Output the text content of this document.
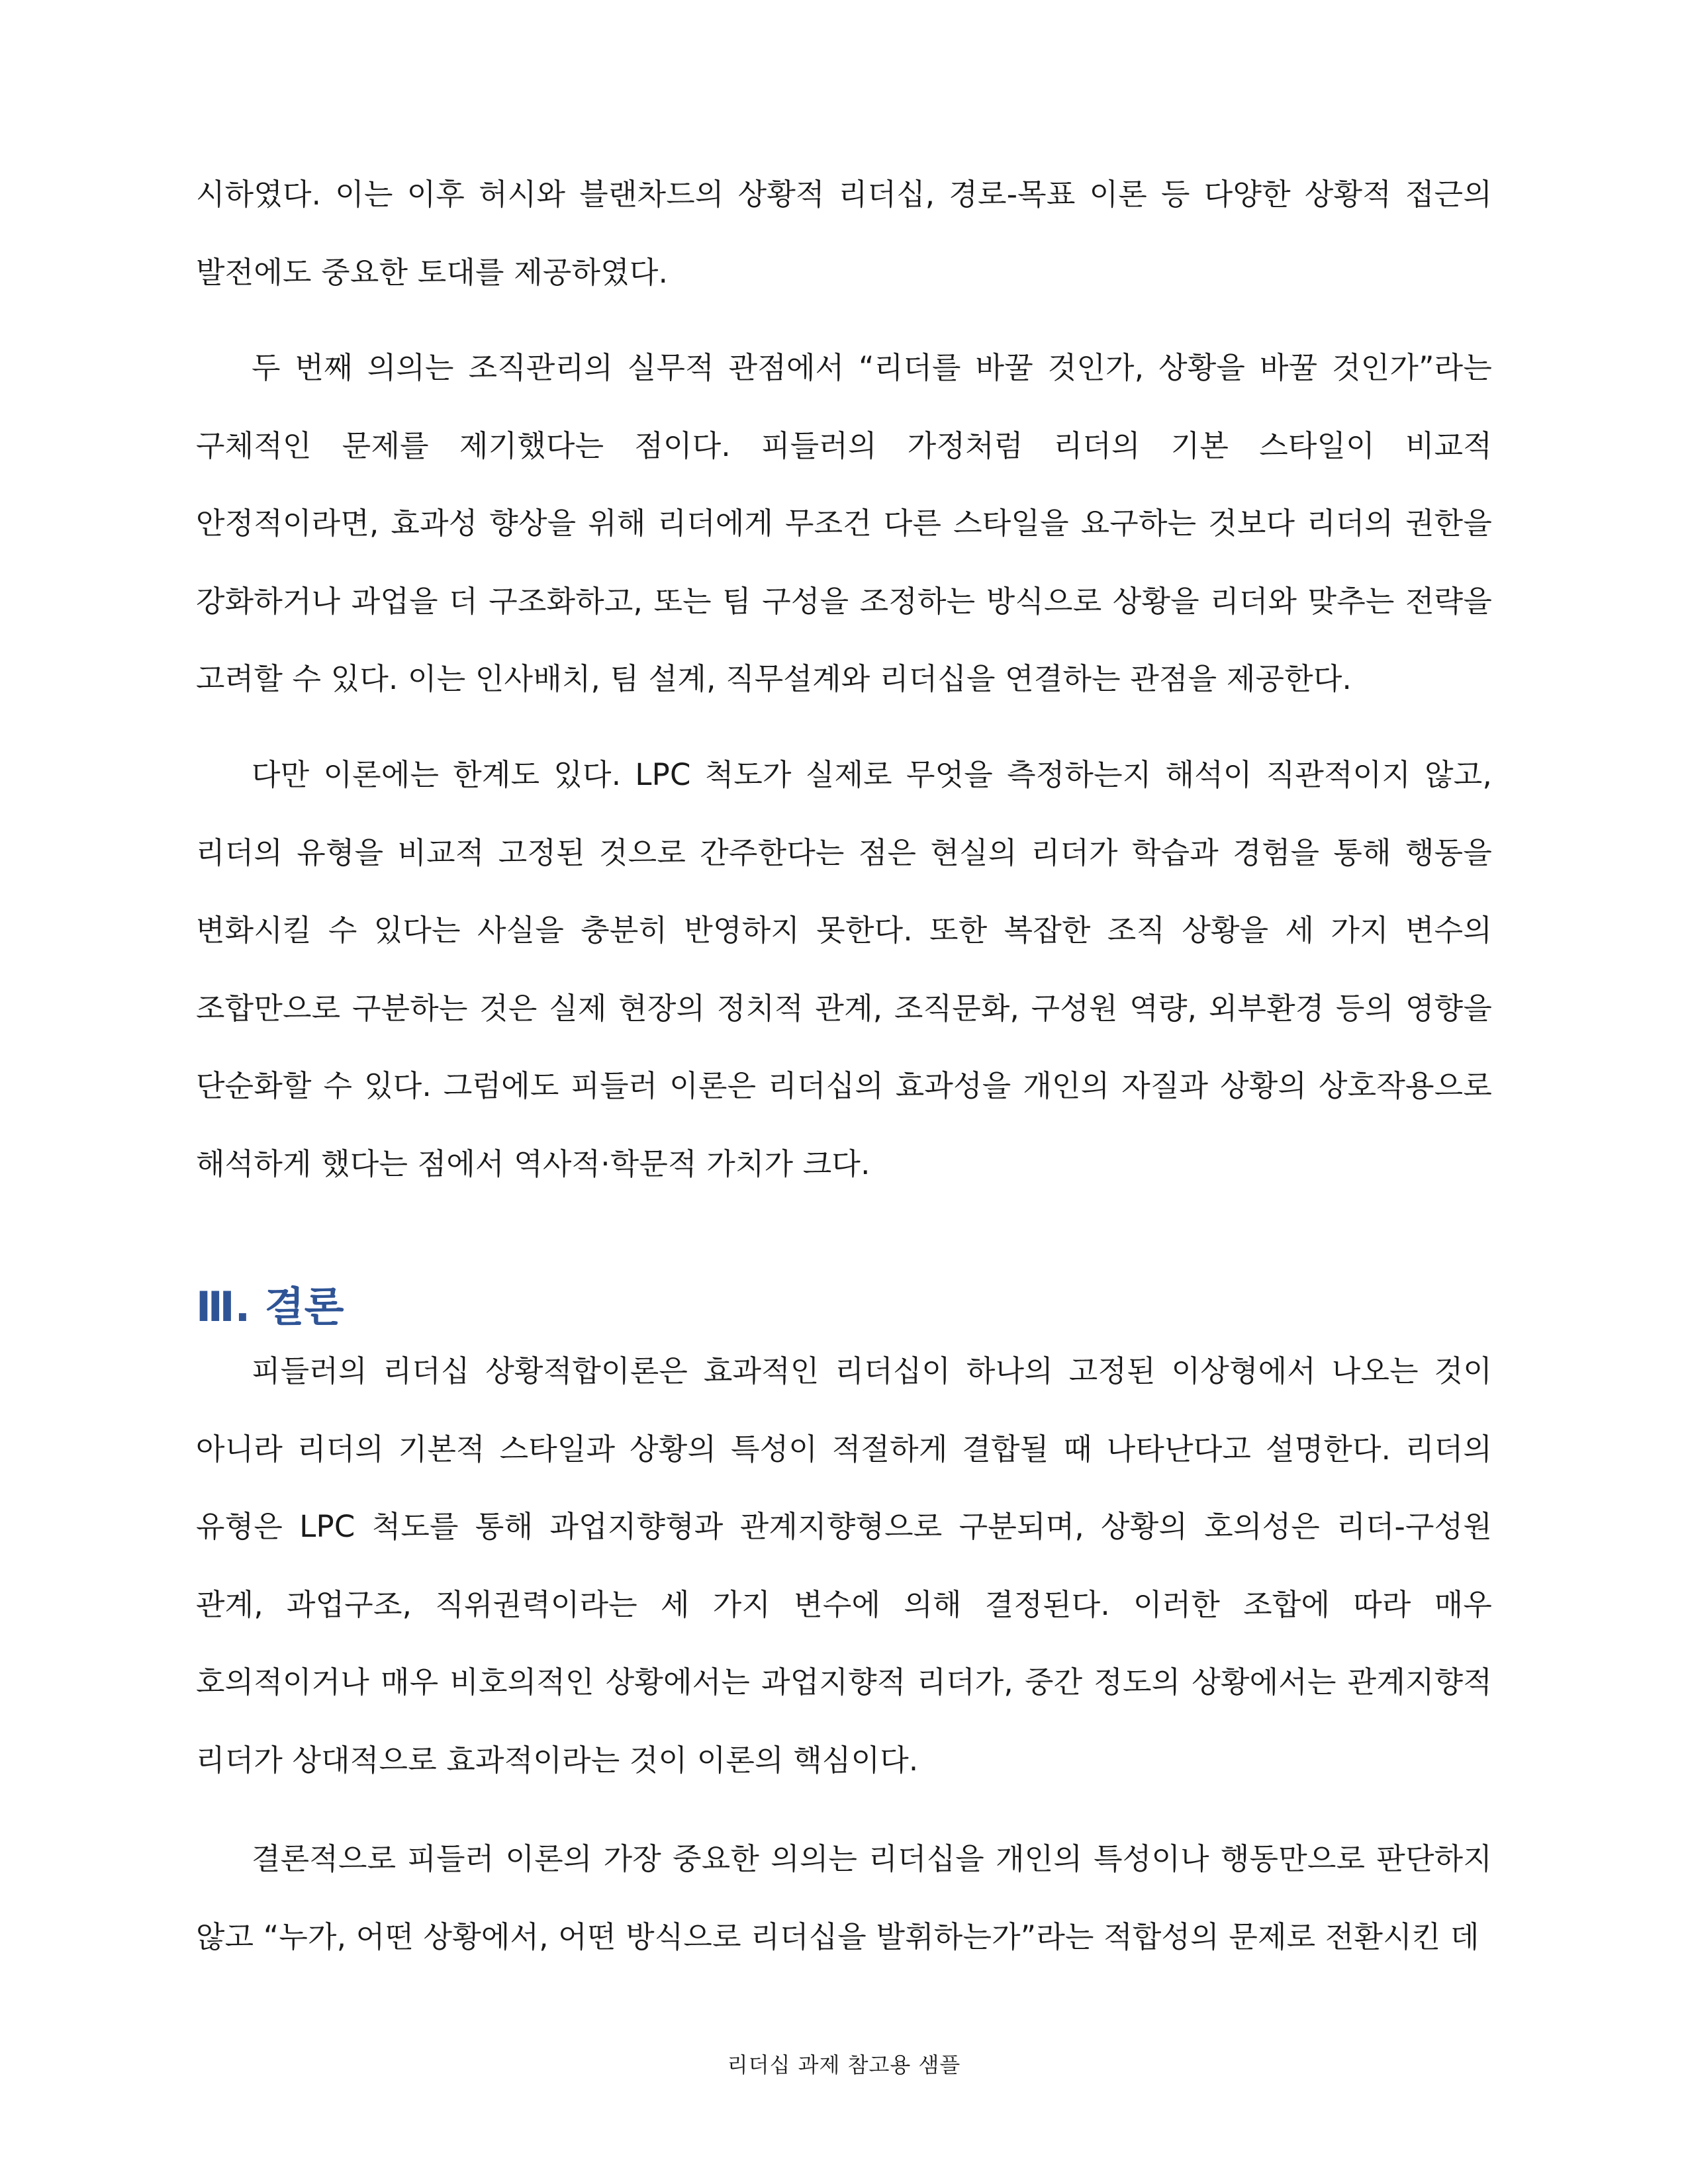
시하였다. 이는 이후 허시와 블랜차드의 상황적 리더십, 경로-목표 이론 등 다양한 상황적 접근의 발전에도 중요한 토대를 제공하였다.

두 번째 의의는 조직관리의 실무적 관점에서 “리더를 바꿀 것인가, 상황을 바꿀 것인가”라는 구체적인 문제를 제기했다는 점이다. 피들러의 가정처럼 리더의 기본 스타일이 비교적 안정적이라면, 효과성 향상을 위해 리더에게 무조건 다른 스타일을 요구하는 것보다 리더의 권한을 강화하거나 과업을 더 구조화하고, 또는 팀 구성을 조정하는 방식으로 상황을 리더와 맞추는 전략을 고려할 수 있다. 이는 인사배치, 팀 설계, 직무설계와 리더십을 연결하는 관점을 제공한다.

다만 이론에는 한계도 있다. LPC 척도가 실제로 무엇을 측정하는지 해석이 직관적이지 않고, 리더의 유형을 비교적 고정된 것으로 간주한다는 점은 현실의 리더가 학습과 경험을 통해 행동을 변화시킬 수 있다는 사실을 충분히 반영하지 못한다. 또한 복잡한 조직 상황을 세 가지 변수의 조합만으로 구분하는 것은 실제 현장의 정치적 관계, 조직문화, 구성원 역량, 외부환경 등의 영향을 단순화할 수 있다. 그럼에도 피들러 이론은 리더십의 효과성을 개인의 자질과 상황의 상호작용으로 해석하게 했다는 점에서 역사적·학문적 가치가 크다.

Ⅲ. 결론

피들러의 리더십 상황적합이론은 효과적인 리더십이 하나의 고정된 이상형에서 나오는 것이 아니라 리더의 기본적 스타일과 상황의 특성이 적절하게 결합될 때 나타난다고 설명한다. 리더의 유형은 LPC 척도를 통해 과업지향형과 관계지향형으로 구분되며, 상황의 호의성은 리더-구성원 관계, 과업구조, 직위권력이라는 세 가지 변수에 의해 결정된다. 이러한 조합에 따라 매우 호의적이거나 매우 비호의적인 상황에서는 과업지향적 리더가, 중간 정도의 상황에서는 관계지향적 리더가 상대적으로 효과적이라는 것이 이론의 핵심이다.

결론적으로 피들러 이론의 가장 중요한 의의는 리더십을 개인의 특성이나 행동만으로 판단하지 않고 “누가, 어떤 상황에서, 어떤 방식으로 리더십을 발휘하는가”라는 적합성의 문제로 전환시킨 데

리더십 과제 참고용 샘플
